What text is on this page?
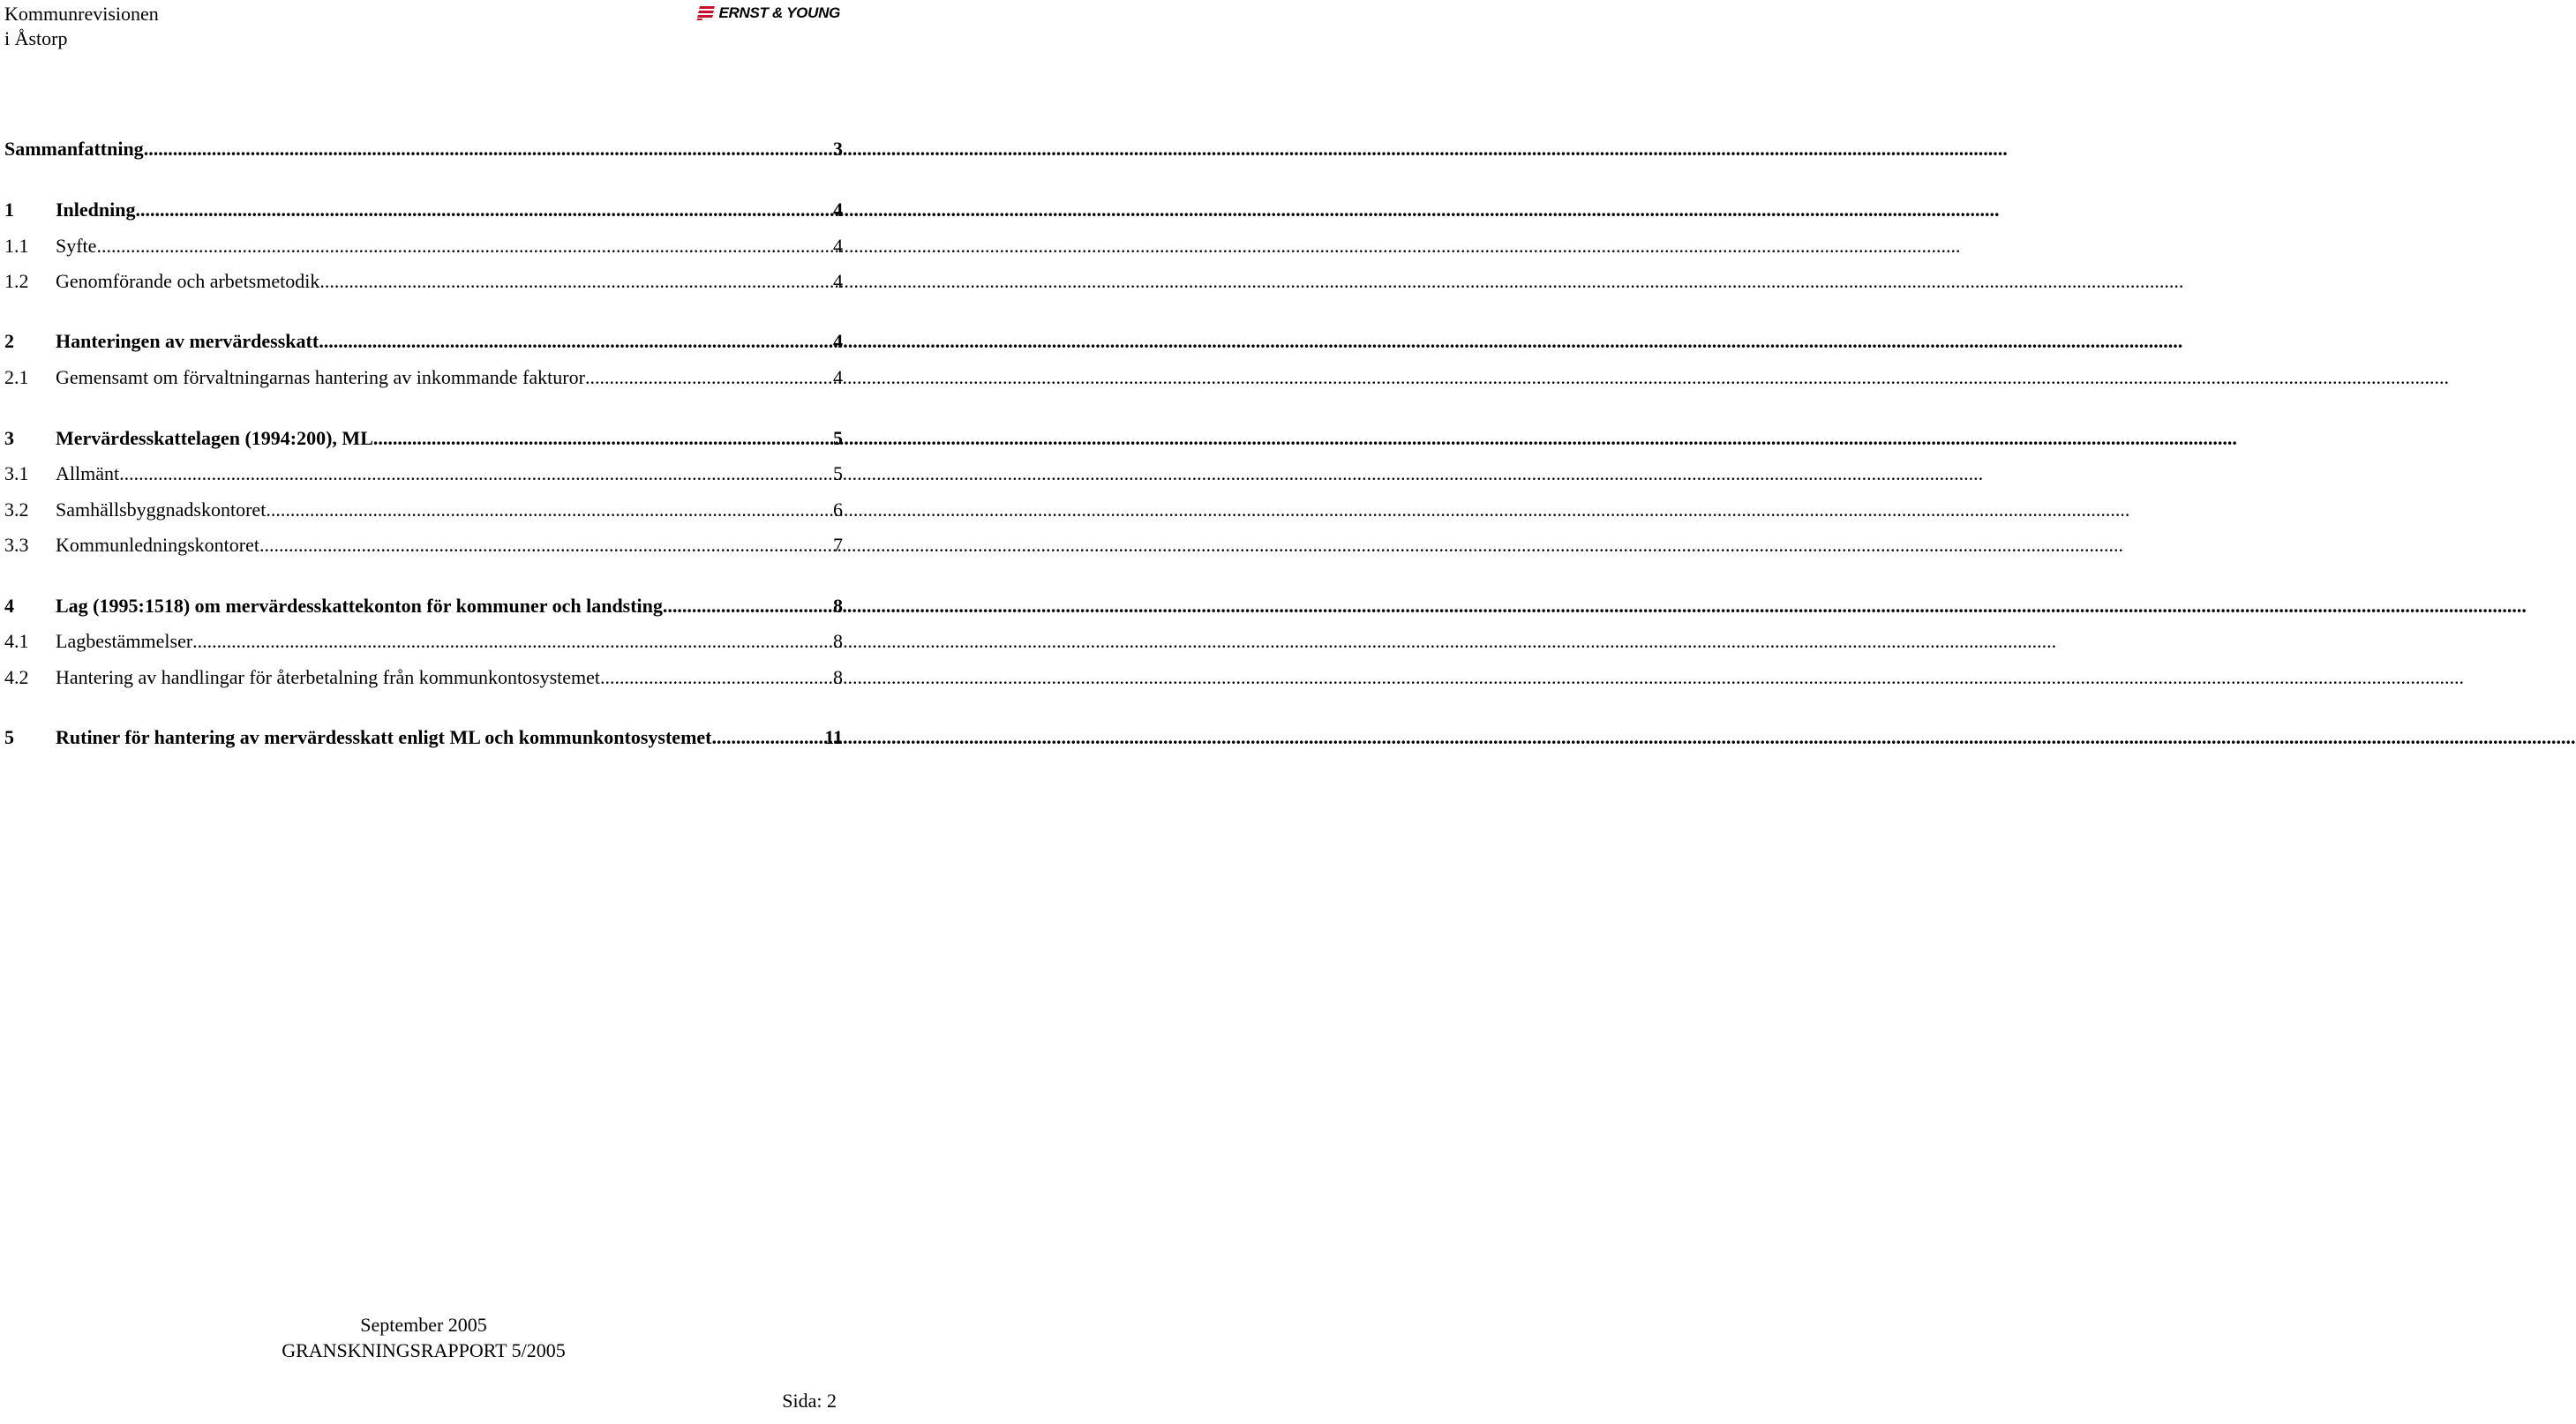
Kommunrevisionen
i Åstorp
ERNST & YOUNG
Sammanfattning .....	3
1	Inledning .....	4
1.1	Syfte .....	4
1.2	Genomförande och arbetsmetodik .....	4
2	Hanteringen av mervärdesskatt .....	4
2.1	Gemensamt om förvaltningarnas hantering av inkommande fakturor .....	4
3	Mervärdesskattelagen (1994:200), ML .....	5
3.1	Allmänt .....	5
3.2	Samhällsbyggnadskontoret .....	6
3.3	Kommunledningskontoret .....	7
4	Lag (1995:1518) om mervärdesskattekonton för kommuner och landsting .....	8
4.1	Lagbestämmelser .....	8
4.2	Hantering av handlingar för återbetalning från kommunkontosystemet .....	8
5	Rutiner för hantering av mervärdesskatt enligt ML och kommunkontosystemet .....	11
September 2005
GRANSKNINGSRAPPORT 5/2005
Sida: 2
